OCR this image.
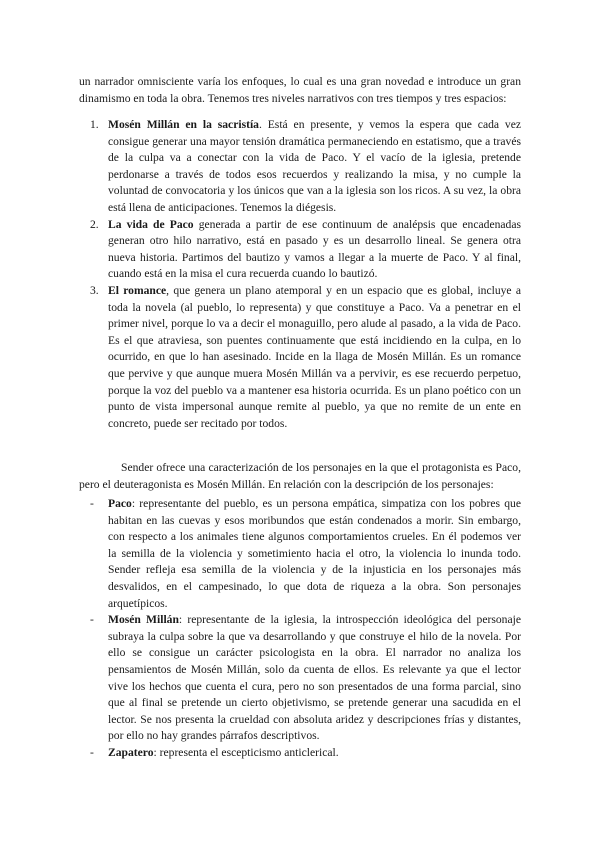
un narrador omnisciente varía los enfoques, lo cual es una gran novedad e introduce un gran dinamismo en toda la obra. Tenemos tres niveles narrativos con tres tiempos y tres espacios:

1. Mosén Millán en la sacristía. Está en presente, y vemos la espera que cada vez consigue generar una mayor tensión dramática permaneciendo en estatismo, que a través de la culpa va a conectar con la vida de Paco. Y el vacío de la iglesia, pretende perdonarse a través de todos esos recuerdos y realizando la misa, y no cumple la voluntad de convocatoria y los únicos que van a la iglesia son los ricos. A su vez, la obra está llena de anticipaciones. Tenemos la diégesis.
2. La vida de Paco generada a partir de ese continuum de analépsis que encadenadas generan otro hilo narrativo, está en pasado y es un desarrollo lineal. Se genera otra nueva historia. Partimos del bautizo y vamos a llegar a la muerte de Paco. Y al final, cuando está en la misa el cura recuerda cuando lo bautizó.
3. El romance, que genera un plano atemporal y en un espacio que es global, incluye a toda la novela (al pueblo, lo representa) y que constituye a Paco. Va a penetrar en el primer nivel, porque lo va a decir el monaguillo, pero alude al pasado, a la vida de Paco. Es el que atraviesa, son puentes continuamente que está incidiendo en la culpa, en lo ocurrido, en que lo han asesinado. Incide en la llaga de Mosén Millán. Es un romance que pervive y que aunque muera Mosén Millán va a pervivir, es ese recuerdo perpetuo, porque la voz del pueblo va a mantener esa historia ocurrida. Es un plano poético con un punto de vista impersonal aunque remite al pueblo, ya que no remite de un ente en concreto, puede ser recitado por todos.

Sender ofrece una caracterización de los personajes en la que el protagonista es Paco, pero el deuteragonista es Mosén Millán. En relación con la descripción de los personajes:

- Paco: representante del pueblo, es un persona empática, simpatiza con los pobres que habitan en las cuevas y esos moribundos que están condenados a morir. Sin embargo, con respecto a los animales tiene algunos comportamientos crueles. En él podemos ver la semilla de la violencia y sometimiento hacia el otro, la violencia lo inunda todo. Sender refleja esa semilla de la violencia y de la injusticia en los personajes más desvalidos, en el campesinado, lo que dota de riqueza a la obra. Son personajes arquetípicos.
- Mosén Millán: representante de la iglesia, la introspección ideológica del personaje subraya la culpa sobre la que va desarrollando y que construye el hilo de la novela. Por ello se consigue un carácter psicologista en la obra. El narrador no analiza los pensamientos de Mosén Millán, solo da cuenta de ellos. Es relevante ya que el lector vive los hechos que cuenta el cura, pero no son presentados de una forma parcial, sino que al final se pretende un cierto objetivismo, se pretende generar una sacudida en el lector. Se nos presenta la crueldad con absoluta aridez y descripciones frías y distantes, por ello no hay grandes párrafos descriptivos.
- Zapatero: representa el escepticismo anticlerical.
